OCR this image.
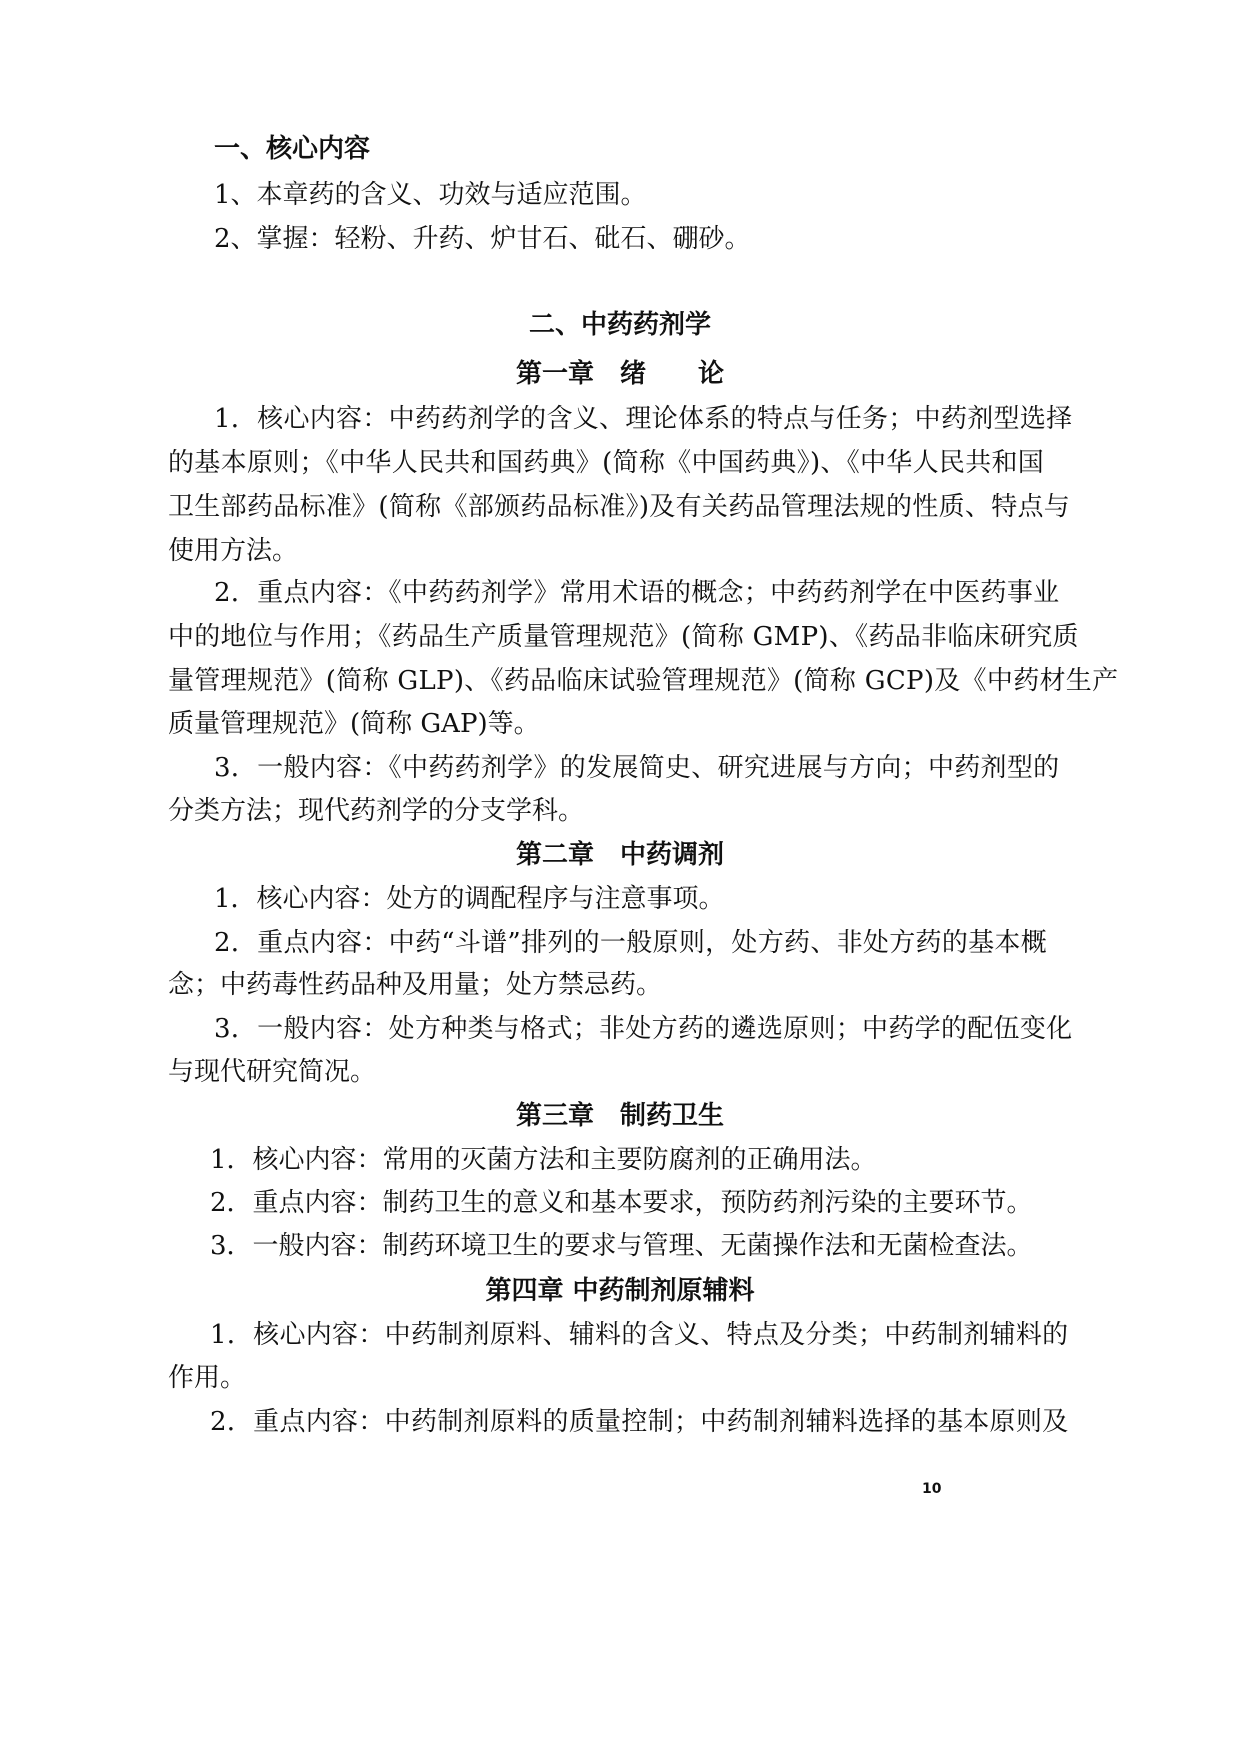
一、核心内容
1、本章药的含义、功效与适应范围。
2、掌握：轻粉、升药、炉甘石、砒石、硼砂。
二、中药药剂学
第一章　绪　　论
1．核心内容：中药药剂学的含义、理论体系的特点与任务；中药剂型选择
的基本原则；《中华人民共和国药典》(简称《中国药典》)、《中华人民共和国
卫生部药品标准》(简称《部颁药品标准》)及有关药品管理法规的性质、特点与
使用方法。
2．重点内容：《中药药剂学》常用术语的概念；中药药剂学在中医药事业
中的地位与作用；《药品生产质量管理规范》(简称 GMP)、《药品非临床研究质
量管理规范》(简称 GLP)、《药品临床试验管理规范》(简称 GCP)及《中药材生产
质量管理规范》(简称 GAP)等。
3．一般内容：《中药药剂学》的发展简史、研究进展与方向；中药剂型的
分类方法；现代药剂学的分支学科。
第二章　中药调剂
1．核心内容：处方的调配程序与注意事项。
2．重点内容：中药“斗谱”排列的一般原则，处方药、非处方药的基本概
念；中药毒性药品种及用量；处方禁忌药。
3．一般内容：处方种类与格式；非处方药的遴选原则；中药学的配伍变化
与现代研究简况。
第三章　制药卫生
1．核心内容：常用的灭菌方法和主要防腐剂的正确用法。
2．重点内容：制药卫生的意义和基本要求，预防药剂污染的主要环节。
3．一般内容：制药环境卫生的要求与管理、无菌操作法和无菌检查法。
第四章 中药制剂原辅料
1．核心内容：中药制剂原料、辅料的含义、特点及分类；中药制剂辅料的
作用。
2．重点内容：中药制剂原料的质量控制；中药制剂辅料选择的基本原则及
10
